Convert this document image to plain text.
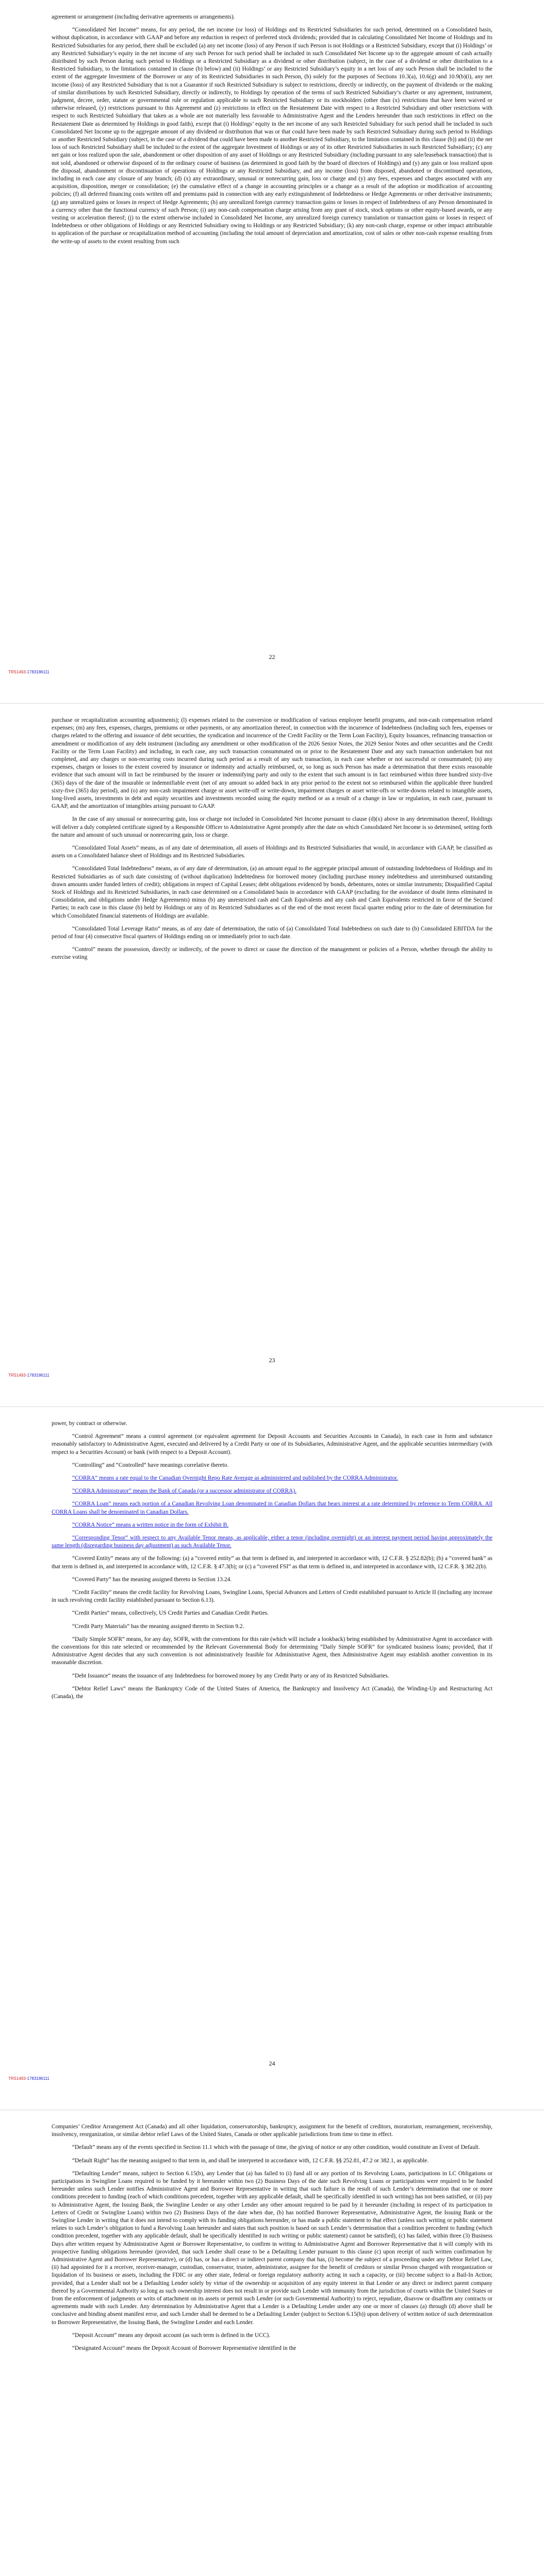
agreement or arrangement (including derivative agreements or arrangements).

“Consolidated Net Income” means, for any period, the net income (or loss) of Holdings and its Restricted Subsidiaries for such period, determined on a Consolidated basis, without duplication, in accordance with GAAP and before any reduction in respect of preferred stock dividends; provided that in calculating Consolidated Net Income of Holdings and its Restricted Subsidiaries for any period, there shall be excluded (a) any net income (loss) of any Person if such Person is not Holdings or a Restricted Subsidiary, except that (i) Holdings’ or any Restricted Subsidiary’s equity in the net income of any such Person for such period shall be included in such Consolidated Net Income up to the aggregate amount of cash actually distributed by such Person during such period to Holdings or a Restricted Subsidiary as a dividend or other distribution (subject, in the case of a dividend or other distribution to a Restricted Subsidiary, to the limitations contained in clause (b) below) and (ii) Holdings’ or any Restricted Subsidiary’s equity in a net loss of any such Person shall be included to the extent of the aggregate Investment of the Borrower or any of its Restricted Subsidiaries in such Person, (b) solely for the purposes of Sections 10.3(a), 10.6(g) and 10.9(b)(i), any net income (loss) of any Restricted Subsidiary that is not a Guarantor if such Restricted Subsidiary is subject to restrictions, directly or indirectly, on the payment of dividends or the making of similar distributions by such Restricted Subsidiary, directly or indirectly, to Holdings by operation of the terms of such Restricted Subsidiary’s charter or any agreement, instrument, judgment, decree, order, statute or governmental rule or regulation applicable to such Restricted Subsidiary or its stockholders (other than (x) restrictions that have been waived or otherwise released, (y) restrictions pursuant to this Agreement and (z) restrictions in effect on the Restatement Date with respect to a Restricted Subsidiary and other restrictions with respect to such Restricted Subsidiary that taken as a whole are not materially less favorable to Administrative Agent and the Lenders hereunder than such restrictions in effect on the Restatement Date as determined by Holdings in good faith), except that (i) Holdings’ equity in the net income of any such Restricted Subsidiary for such period shall be included in such Consolidated Net Income up to the aggregate amount of any dividend or distribution that was or that could have been made by such Restricted Subsidiary during such period to Holdings or another Restricted Subsidiary (subject, in the case of a dividend that could have been made to another Restricted Subsidiary, to the limitation contained in this clause (b)) and (ii) the net loss of such Restricted Subsidiary shall be included to the extent of the aggregate Investment of Holdings or any of its other Restricted Subsidiaries in such Restricted Subsidiary; (c) any net gain or loss realized upon the sale, abandonment or other disposition of any asset of Holdings or any Restricted Subsidiary (including pursuant to any sale/leaseback transaction) that is not sold, abandoned or otherwise disposed of in the ordinary course of business (as determined in good faith by the board of directors of Holdings) and (y) any gain or loss realized upon the disposal, abandonment or discontinuation of operations of Holdings or any Restricted Subsidiary, and any income (loss) from disposed, abandoned or discontinued operations, including in each case any closure of any branch; (d) (x) any extraordinary, unusual or nonrecurring gain, loss or charge and (y) any fees, expenses and charges associated with any acquisition, disposition, merger or consolidation; (e) the cumulative effect of a change in accounting principles or a change as a result of the adoption or modification of accounting policies; (f) all deferred financing costs written off and premiums paid in connection with any early extinguishment of Indebtedness or Hedge Agreements or other derivative instruments; (g) any unrealized gains or losses in respect of Hedge Agreements; (h) any unrealized foreign currency transaction gains or losses in respect of Indebtedness of any Person denominated in a currency other than the functional currency of such Person; (i) any non-cash compensation charge arising from any grant of stock, stock options or other equity-based awards, or any vesting or acceleration thereof; (j) to the extent otherwise included in Consolidated Net Income, any unrealized foreign currency translation or transaction gains or losses in respect of Indebtedness or other obligations of Holdings or any Restricted Subsidiary owing to Holdings or any Restricted Subsidiary; (k) any non-cash charge, expense or other impact attributable to application of the purchase or recapitalization method of accounting (including the total amount of depreciation and amortization, cost of sales or other non-cash expense resulting from the write-up of assets to the extent resulting from such

22
TRS1493-1783186111

purchase or recapitalization accounting adjustments); (l) expenses related to the conversion or modification of various employee benefit programs, and non-cash compensation related expenses; (m) any fees, expenses, charges, premiums or other payments, or any amortization thereof, in connection with the incurrence of Indebtedness (including such fees, expenses or charges related to the offering and issuance of debt securities, the syndication and incurrence of the Credit Facility or the Term Loan Facility), Equity Issuances, refinancing transaction or amendment or modification of any debt instrument (including any amendment or other modification of the 2026 Senior Notes, the 2029 Senior Notes and other securities and the Credit Facility or the Term Loan Facility) and including, in each case, any such transaction consummated on or prior to the Restatement Date and any such transaction undertaken but not completed, and any charges or non-recurring costs incurred during such period as a result of any such transaction, in each case whether or not successful or consummated; (n) any expenses, charges or losses to the extent covered by insurance or indemnity and actually reimbursed, or, so long as such Person has made a determination that there exists reasonable evidence that such amount will in fact be reimbursed by the insurer or indemnifying party and only to the extent that such amount is in fact reimbursed within three hundred sixty-five (365) days of the date of the insurable or indemnifiable event (net of any amount so added back in any prior period to the extent not so reimbursed within the applicable three hundred sixty-five (365) day period), and (o) any non-cash impairment charge or asset write-off or write-down, impairment charges or asset write-offs or write-downs related to intangible assets, long-lived assets, investments in debt and equity securities and investments recorded using the equity method or as a result of a change in law or regulation, in each case, pursuant to GAAP, and the amortization of intangibles arising pursuant to GAAP.

In the case of any unusual or nonrecurring gain, loss or charge not included in Consolidated Net Income pursuant to clause (d)(x) above in any determination thereof, Holdings will deliver a duly completed certificate signed by a Responsible Officer to Administrative Agent promptly after the date on which Consolidated Net Income is so determined, setting forth the nature and amount of such unusual or nonrecurring gain, loss or charge.

“Consolidated Total Assets” means, as of any date of determination, all assets of Holdings and its Restricted Subsidiaries that would, in accordance with GAAP, be classified as assets on a Consolidated balance sheet of Holdings and its Restricted Subsidiaries.

“Consolidated Total Indebtedness” means, as of any date of determination, (a) an amount equal to the aggregate principal amount of outstanding Indebtedness of Holdings and its Restricted Subsidiaries as of such date consisting of (without duplication) Indebtedness for borrowed money (including purchase money indebtedness and unreimbursed outstanding drawn amounts under funded letters of credit); obligations in respect of Capital Leases; debt obligations evidenced by bonds, debentures, notes or similar instruments; Disqualified Capital Stock of Holdings and its Restricted Subsidiaries, in each case determined on a Consolidated basis in accordance with GAAP (excluding for the avoidance of doubt items eliminated in Consolidation, and obligations under Hedge Agreements) minus (b) any unrestricted cash and Cash Equivalents and any cash and Cash Equivalents restricted in favor of the Secured Parties; in each case in this clause (b) held by Holdings or any of its Restricted Subsidiaries as of the end of the most recent fiscal quarter ending prior to the date of determination for which Consolidated financial statements of Holdings are available.

“Consolidated Total Leverage Ratio” means, as of any date of determination, the ratio of (a) Consolidated Total Indebtedness on such date to (b) Consolidated EBITDA for the period of four (4) consecutive fiscal quarters of Holdings ending on or immediately prior to such date.

“Control” means the possession, directly or indirectly, of the power to direct or cause the direction of the management or policies of a Person, whether through the ability to exercise voting

23
TRS1493-1783186111

power, by contract or otherwise.

“Control Agreement” means a control agreement (or equivalent agreement for Deposit Accounts and Securities Accounts in Canada), in each case in form and substance reasonably satisfactory to Administrative Agent, executed and delivered by a Credit Party or one of its Subsidiaries, Administrative Agent, and the applicable securities intermediary (with respect to a Securities Account) or bank (with respect to a Deposit Account).

“Controlling” and “Controlled” have meanings correlative thereto.

“CORRA” means a rate equal to the Canadian Overnight Repo Rate Average as administered and published by the CORRA Administrator.

“CORRA Administrator” means the Bank of Canada (or a successor administrator of CORRA).

“CORRA Loan” means each portion of a Canadian Revolving Loan denominated in Canadian Dollars that bears interest at a rate determined by reference to Term CORRA. All CORRA Loans shall be denominated in Canadian Dollars.

“CORRA Notice” means a written notice in the form of Exhibit B.

“Corresponding Tenor” with respect to any Available Tenor means, as applicable, either a tenor (including overnight) or an interest payment period having approximately the same length (disregarding business day adjustment) as such Available Tenor.

“Covered Entity” means any of the following: (a) a “covered entity” as that term is defined in, and interpreted in accordance with, 12 C.F.R. § 252.82(b); (b) a “covered bank” as that term is defined in, and interpreted in accordance with, 12 C.F.R. § 47.3(b); or (c) a “covered FSI” as that term is defined in, and interpreted in accordance with, 12 C.F.R. § 382.2(b).

“Covered Party” has the meaning assigned thereto in Section 13.24.

“Credit Facility” means the credit facility for Revolving Loans, Swingline Loans, Special Advances and Letters of Credit established pursuant to Article II (including any increase in such revolving credit facility established pursuant to Section 6.13).

“Credit Parties” means, collectively, US Credit Parties and Canadian Credit Parties.

“Credit Party Materials” has the meaning assigned thereto in Section 9.2.

“Daily Simple SOFR” means, for any day, SOFR, with the conventions for this rate (which will include a lookback) being established by Administrative Agent in accordance with the conventions for this rate selected or recommended by the Relevant Governmental Body for determining “Daily Simple SOFR” for syndicated business loans; provided, that if Administrative Agent decides that any such convention is not administratively feasible for Administrative Agent, then Administrative Agent may establish another convention in its reasonable discretion.

“Debt Issuance” means the issuance of any Indebtedness for borrowed money by any Credit Party or any of its Restricted Subsidiaries.

“Debtor Relief Laws” means the Bankruptcy Code of the United States of America, the Bankruptcy and Insolvency Act (Canada), the Winding-Up and Restructuring Act (Canada), the

24
TRS1493-1783186111

Companies’ Creditor Arrangement Act (Canada) and all other liquidation, conservatorship, bankruptcy, assignment for the benefit of creditors, moratorium, rearrangement, receivership, insolvency, reorganization, or similar debtor relief Laws of the United States, Canada or other applicable jurisdictions from time to time in effect.

“Default” means any of the events specified in Section 11.1 which with the passage of time, the giving of notice or any other condition, would constitute an Event of Default.

“Default Right” has the meaning assigned to that term in, and shall be interpreted in accordance with, 12 C.F.R. §§ 252.81, 47.2 or 382.1, as applicable.

“Defaulting Lender” means, subject to Section 6.15(b), any Lender that (a) has failed to (i) fund all or any portion of its Revolving Loans, participations in LC Obligations or participations in Swingline Loans required to be funded by it hereunder within two (2) Business Days of the date such Revolving Loans or participations were required to be funded hereunder unless such Lender notifies Administrative Agent and Borrower Representative in writing that such failure is the result of such Lender’s determination that one or more conditions precedent to funding (each of which conditions precedent, together with any applicable default, shall be specifically identified in such writing) has not been satisfied, or (ii) pay to Administrative Agent, the Issuing Bank, the Swingline Lender or any other Lender any other amount required to be paid by it hereunder (including in respect of its participation in Letters of Credit or Swingline Loans) within two (2) Business Days of the date when due, (b) has notified Borrower Representative, Administrative Agent, the Issuing Bank or the Swingline Lender in writing that it does not intend to comply with its funding obligations hereunder, or has made a public statement to that effect (unless such writing or public statement relates to such Lender’s obligation to fund a Revolving Loan hereunder and states that such position is based on such Lender’s determination that a condition precedent to funding (which condition precedent, together with any applicable default, shall be specifically identified in such writing or public statement) cannot be satisfied), (c) has failed, within three (3) Business Days after written request by Administrative Agent or Borrower Representative, to confirm in writing to Administrative Agent and Borrower Representative that it will comply with its prospective funding obligations hereunder (provided, that such Lender shall cease to be a Defaulting Lender pursuant to this clause (c) upon receipt of such written confirmation by Administrative Agent and Borrower Representative), or (d) has, or has a direct or indirect parent company that has, (i) become the subject of a proceeding under any Debtor Relief Law, (ii) had appointed for it a receiver, receiver-manager, custodian, conservator, trustee, administrator, assignee for the benefit of creditors or similar Person charged with reorganization or liquidation of its business or assets, including the FDIC or any other state, federal or foreign regulatory authority acting in such a capacity, or (iii) become subject to a Bail-In Action; provided, that a Lender shall not be a Defaulting Lender solely by virtue of the ownership or acquisition of any equity interest in that Lender or any direct or indirect parent company thereof by a Governmental Authority so long as such ownership interest does not result in or provide such Lender with immunity from the jurisdiction of courts within the United States or from the enforcement of judgments or writs of attachment on its assets or permit such Lender (or such Governmental Authority) to reject, repudiate, disavow or disaffirm any contracts or agreements made with such Lender. Any determination by Administrative Agent that a Lender is a Defaulting Lender under any one or more of clauses (a) through (d) above shall be conclusive and binding absent manifest error, and such Lender shall be deemed to be a Defaulting Lender (subject to Section 6.15(b)) upon delivery of written notice of such determination to Borrower Representative, the Issuing Bank, the Swingline Lender and each Lender.

“Deposit Account” means any deposit account (as such term is defined in the UCC).

“Designated Account” means the Deposit Account of Borrower Representative identified in the
